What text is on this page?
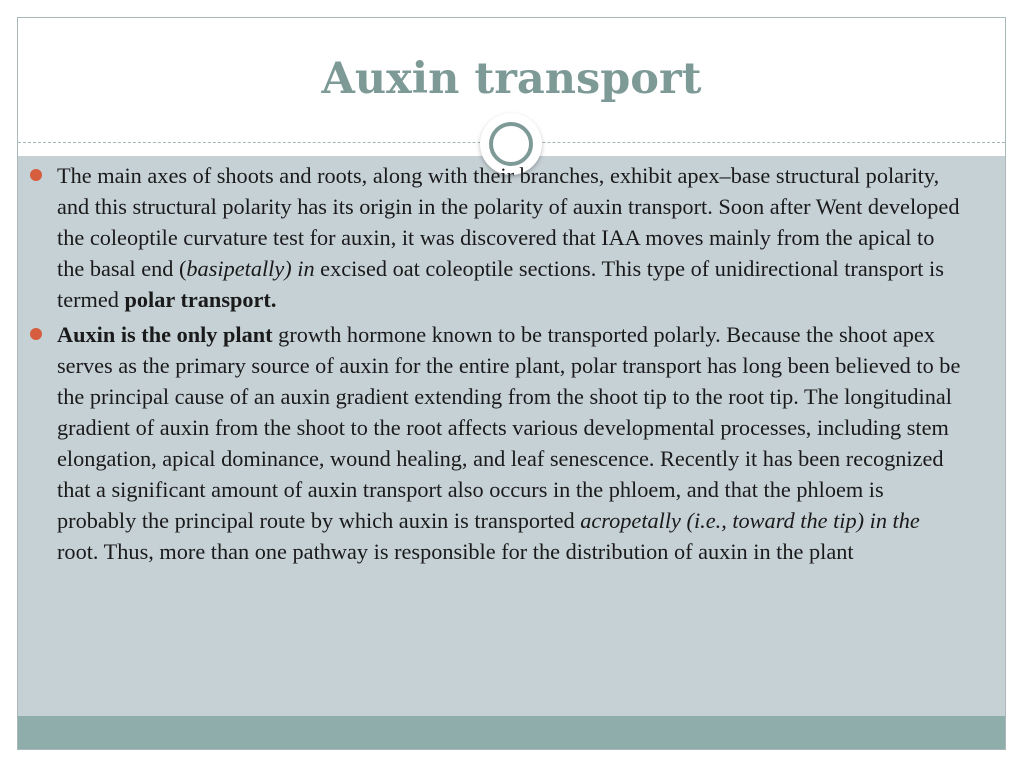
Auxin transport
The main axes of shoots and roots, along with their branches, exhibit apex–base structural polarity, and this structural polarity has its origin in the polarity of auxin transport. Soon after Went developed the coleoptile curvature test for auxin, it was discovered that IAA moves mainly from the apical to the basal end (basipetally) in excised oat coleoptile sections. This type of unidirectional transport is termed polar transport.
Auxin is the only plant growth hormone known to be transported polarly. Because the shoot apex serves as the primary source of auxin for the entire plant, polar transport has long been believed to be the principal cause of an auxin gradient extending from the shoot tip to the root tip. The longitudinal gradient of auxin from the shoot to the root affects various developmental processes, including stem elongation, apical dominance, wound healing, and leaf senescence. Recently it has been recognized that a significant amount of auxin transport also occurs in the phloem, and that the phloem is probably the principal route by which auxin is transported acropetally (i.e., toward the tip) in the root. Thus, more than one pathway is responsible for the distribution of auxin in the plant
